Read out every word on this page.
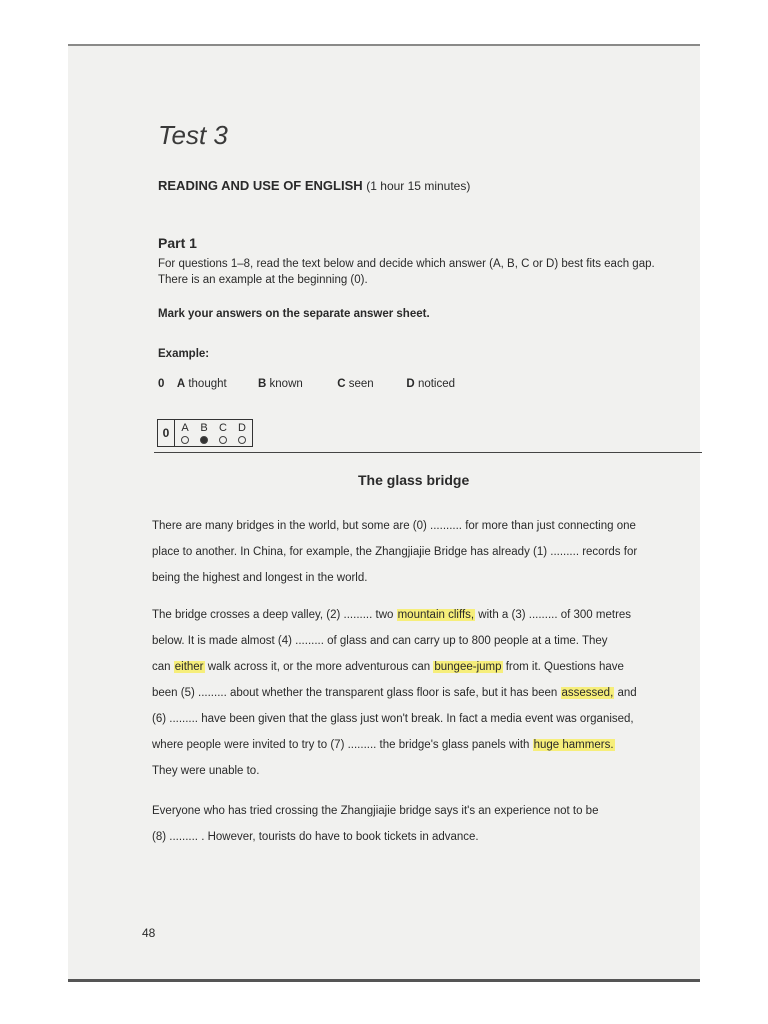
Test 3
READING AND USE OF ENGLISH (1 hour 15 minutes)
Part 1
For questions 1–8, read the text below and decide which answer (A, B, C or D) best fits each gap.
There is an example at the beginning (0).
Mark your answers on the separate answer sheet.
Example:
0 A thought	B known	C seen	D noticed
0	A B C D
The glass bridge
There are many bridges in the world, but some are (0) .......... for more than just connecting one
place to another. In China, for example, the Zhangjiajie Bridge has already (1) ......... records for
being the highest and longest in the world.
The bridge crosses a deep valley, (2) ......... two mountain cliffs, with a (3) ......... of 300 metres
below. It is made almost (4) ......... of glass and can carry up to 800 people at a time. They
can either walk across it, or the more adventurous can bungee-jump from it. Questions have
been (5) ......... about whether the transparent glass floor is safe, but it has been assessed, and
(6) ......... have been given that the glass just won't break. In fact a media event was organised,
where people were invited to try to (7) ......... the bridge's glass panels with huge hammers.
They were unable to.
Everyone who has tried crossing the Zhangjiajie bridge says it's an experience not to be
(8) ......... . However, tourists do have to book tickets in advance.
48
